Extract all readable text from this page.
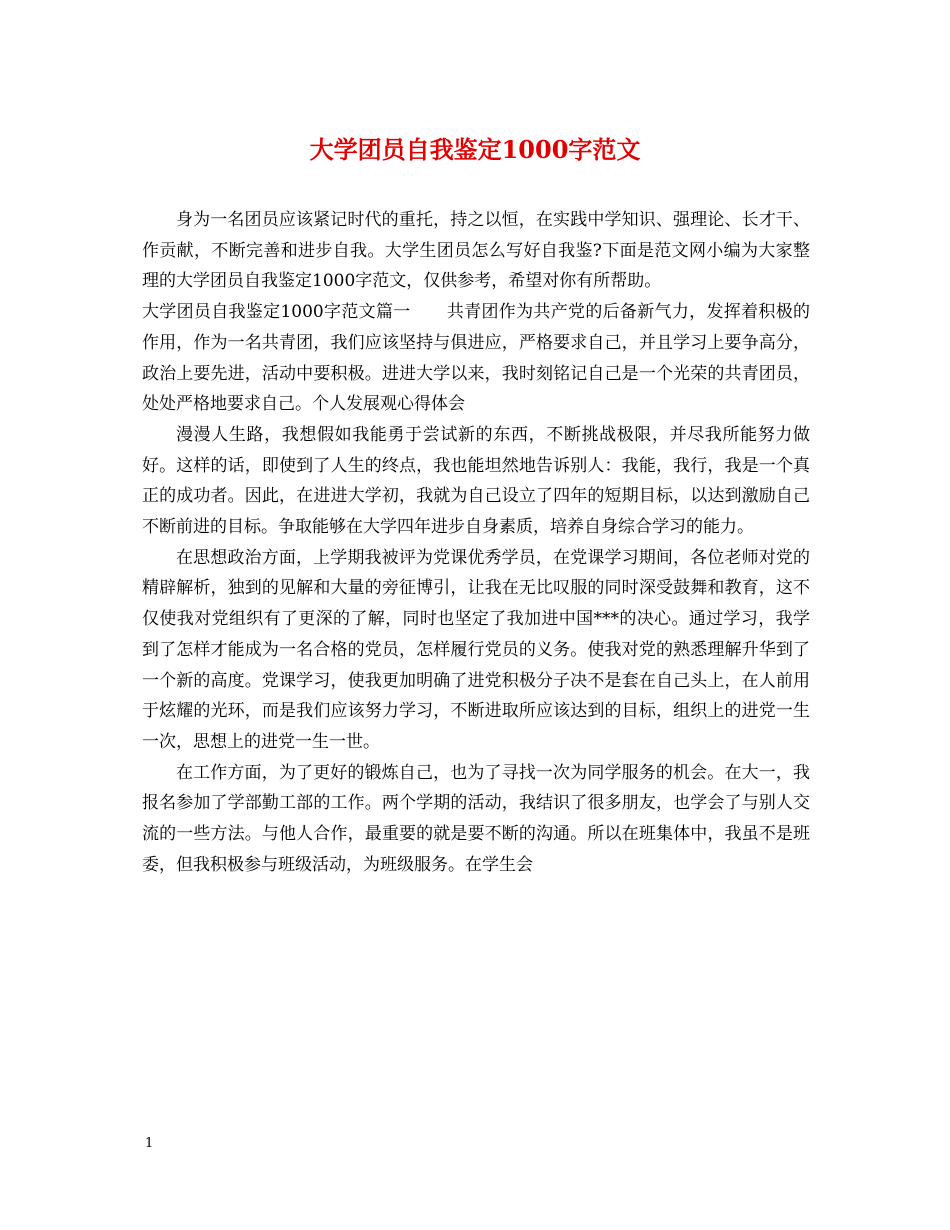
大学团员自我鉴定1000字范文

身为一名团员应该紧记时代的重托，持之以恒，在实践中学知识、强理论、长才干、作贡献，不断完善和进步自我。大学生团员怎么写好自我鉴?下面是范文网小编为大家整理的大学团员自我鉴定1000字范文，仅供参考，希望对你有所帮助。

大学团员自我鉴定1000字范文篇一 共青团作为共产党的后备新气力，发挥着积极的作用，作为一名共青团，我们应该坚持与俱进应，严格要求自己，并且学习上要争高分，政治上要先进，活动中要积极。进进大学以来，我时刻铭记自己是一个光荣的共青团员，处处严格地要求自己。个人发展观心得体会

漫漫人生路，我想假如我能勇于尝试新的东西，不断挑战极限，并尽我所能努力做好。这样的话，即使到了人生的终点，我也能坦然地告诉别人：我能，我行，我是一个真正的成功者。因此，在进进大学初，我就为自己设立了四年的短期目标，以达到激励自己不断前进的目标。争取能够在大学四年进步自身素质，培养自身综合学习的能力。

在思想政治方面，上学期我被评为党课优秀学员，在党课学习期间，各位老师对党的精辟解析，独到的见解和大量的旁征博引，让我在无比叹服的同时深受鼓舞和教育，这不仅使我对党组织有了更深的了解，同时也坚定了我加进中国***的决心。通过学习，我学到了怎样才能成为一名合格的党员，怎样履行党员的义务。使我对党的熟悉理解升华到了一个新的高度。党课学习，使我更加明确了进党积极分子决不是套在自己头上，在人前用于炫耀的光环，而是我们应该努力学习，不断进取所应该达到的目标，组织上的进党一生一次，思想上的进党一生一世。

在工作方面，为了更好的锻炼自己，也为了寻找一次为同学服务的机会。在大一，我报名参加了学部勤工部的工作。两个学期的活动，我结识了很多朋友，也学会了与别人交流的一些方法。与他人合作，最重要的就是要不断的沟通。所以在班集体中，我虽不是班委，但我积极参与班级活动，为班级服务。在学生会

1
